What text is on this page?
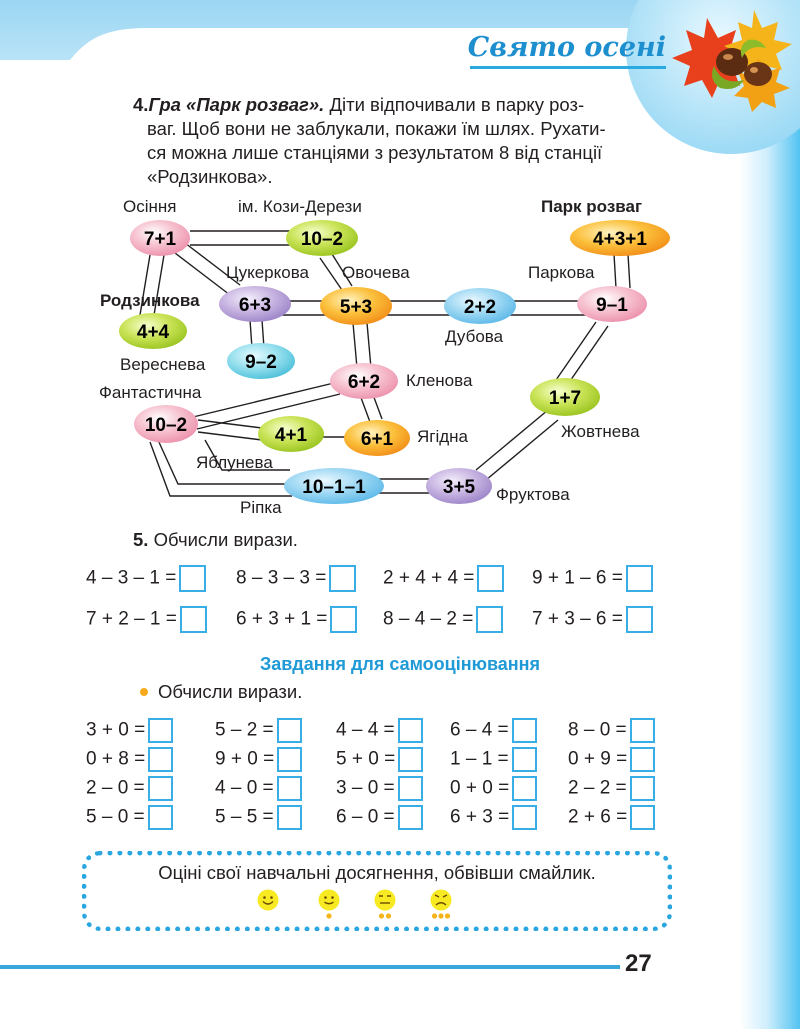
Свято осені
4.Гра «Парк розваг». Діти відпочивали в парку роз-
ваг. Щоб вони не заблукали, покажи їм шлях. Рухати-
ся можна лише станціями з результатом 8 від станції
«Родзинкова».
7+1	10–2	4+3+1
6+3	5+3	2+2	9–1
4+4
9–2
6+2
1+7
10–2	4+1	6+1
10–1–1	3+5
Осіння	ім. Кози-Дерези	Парк розваг
Цукеркова Овочева	Паркова
Родзинкова
Дубова
Вереснева
Фантастична
Кленова
Ягідна	Жовтнева
Яблунева
Ріпка
Фруктова
5. Обчисли вирази.
4 – 3 – 1 =	8 – 3 – 3 =	2 + 4 + 4 =	9 + 1 – 6 =
7 + 2 – 1 =	6 + 3 + 1 =	8 – 4 – 2 =	7 + 3 – 6 =
Завдання для самооцінювання
Обчисли вирази.
3 + 0 =	5 – 2 =	4 – 4 =	6 – 4 =	8 – 0 =
0 + 8 =	9 + 0 =	5 + 0 =	1 – 1 =	0 + 9 =
2 – 0 =	4 – 0 =	3 – 0 =	0 + 0 =	2 – 2 =
5 – 0 =	5 – 5 =	6 – 0 =	6 + 3 =	2 + 6 =
Оцінi свої навчальні досягнення, обвівши смайлик.
27
